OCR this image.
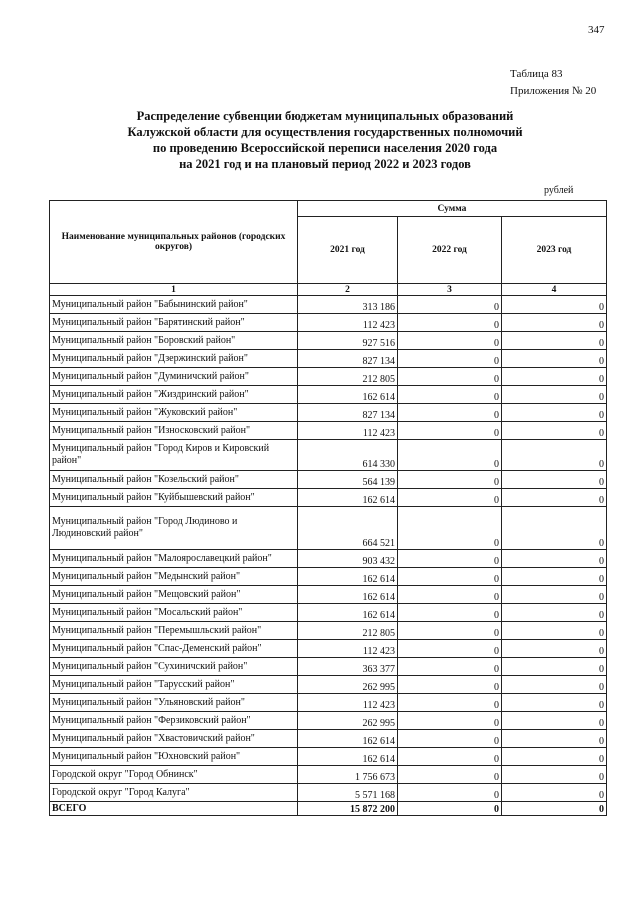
347
Таблица 83
Приложения № 20
Распределение субвенции бюджетам муниципальных образований
Калужской области для осуществления государственных полномочий
по проведению Всероссийской переписи населения 2020 года
на 2021 год и на плановый период 2022 и 2023 годов
рублей
Наименование муниципальных районов (городских округов)	Сумма		
	2021 год	2022 год	2023 год
1	2	3	4
Муниципальный район "Бабынинский район"	313 186	0	0
Муниципальный район "Барятинский район"	112 423	0	0
Муниципальный район "Боровский район"	927 516	0	0
Муниципальный район "Дзержинский район"	827 134	0	0
Муниципальный район "Думиничский район"	212 805	0	0
Муниципальный район "Жиздринский район"	162 614	0	0
Муниципальный район "Жуковский район"	827 134	0	0
Муниципальный район "Износковский район"	112 423	0	0
Муниципальный район "Город Киров и Кировский район"	614 330	0	0
Муниципальный район "Козельский район"	564 139	0	0
Муниципальный район "Куйбышевский район"	162 614	0	0
Муниципальный район "Город Людиново и Людиновский район"	664 521	0	0
Муниципальный район "Малоярославецкий район"	903 432	0	0
Муниципальный район "Медынский район"	162 614	0	0
Муниципальный район "Мещовский район"	162 614	0	0
Муниципальный район "Мосальский район"	162 614	0	0
Муниципальный район "Перемышльский район"	212 805	0	0
Муниципальный район "Спас-Деменский район"	112 423	0	0
Муниципальный район "Сухиничский район"	363 377	0	0
Муниципальный район "Тарусский район"	262 995	0	0
Муниципальный район "Ульяновский район"	112 423	0	0
Муниципальный район "Ферзиковский район"	262 995	0	0
Муниципальный район "Хвастовичский район"	162 614	0	0
Муниципальный район "Юхновский район"	162 614	0	0
Городской округ "Город Обнинск"	1 756 673	0	0
Городской округ "Город Калуга"	5 571 168	0	0
ВСЕГО	15 872 200	0	0
